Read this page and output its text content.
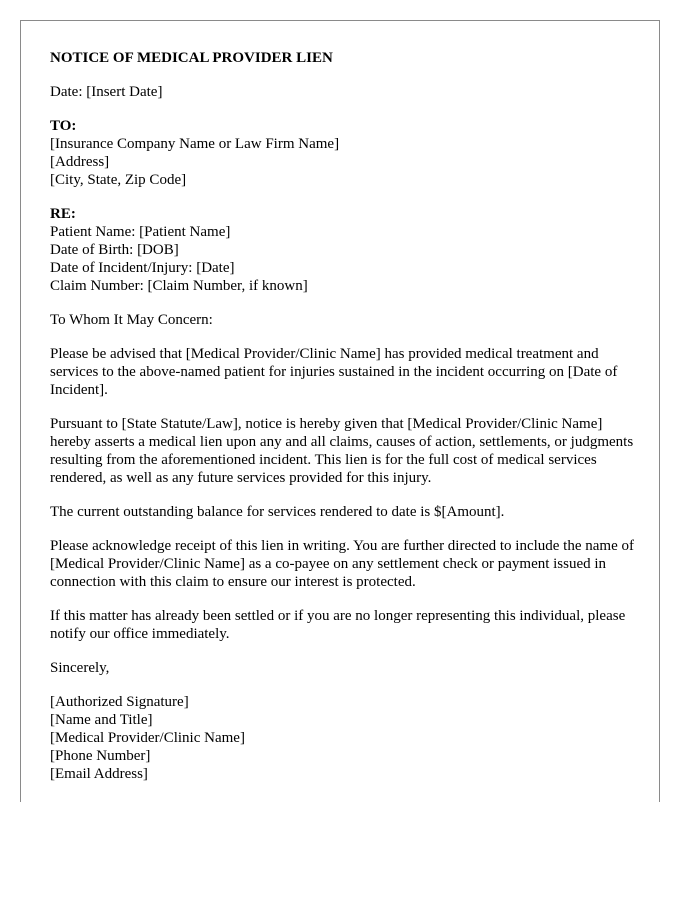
NOTICE OF MEDICAL PROVIDER LIEN
Date: [Insert Date]
TO:
[Insurance Company Name or Law Firm Name]
[Address]
[City, State, Zip Code]
RE:
Patient Name: [Patient Name]
Date of Birth: [DOB]
Date of Incident/Injury: [Date]
Claim Number: [Claim Number, if known]
To Whom It May Concern:

Please be advised that [Medical Provider/Clinic Name] has provided medical treatment and services to the above-named patient for injuries sustained in the incident occurring on [Date of Incident].

Pursuant to [State Statute/Law], notice is hereby given that [Medical Provider/Clinic Name] hereby asserts a medical lien upon any and all claims, causes of action, settlements, or judgments resulting from the aforementioned incident. This lien is for the full cost of medical services rendered, as well as any future services provided for this injury.

The current outstanding balance for services rendered to date is $[Amount].

Please acknowledge receipt of this lien in writing. You are further directed to include the name of [Medical Provider/Clinic Name] as a co-payee on any settlement check or payment issued in connection with this claim to ensure our interest is protected.

If this matter has already been settled or if you are no longer representing this individual, please notify our office immediately.

Sincerely,
[Authorized Signature]
[Name and Title]
[Medical Provider/Clinic Name]
[Phone Number]
[Email Address]
